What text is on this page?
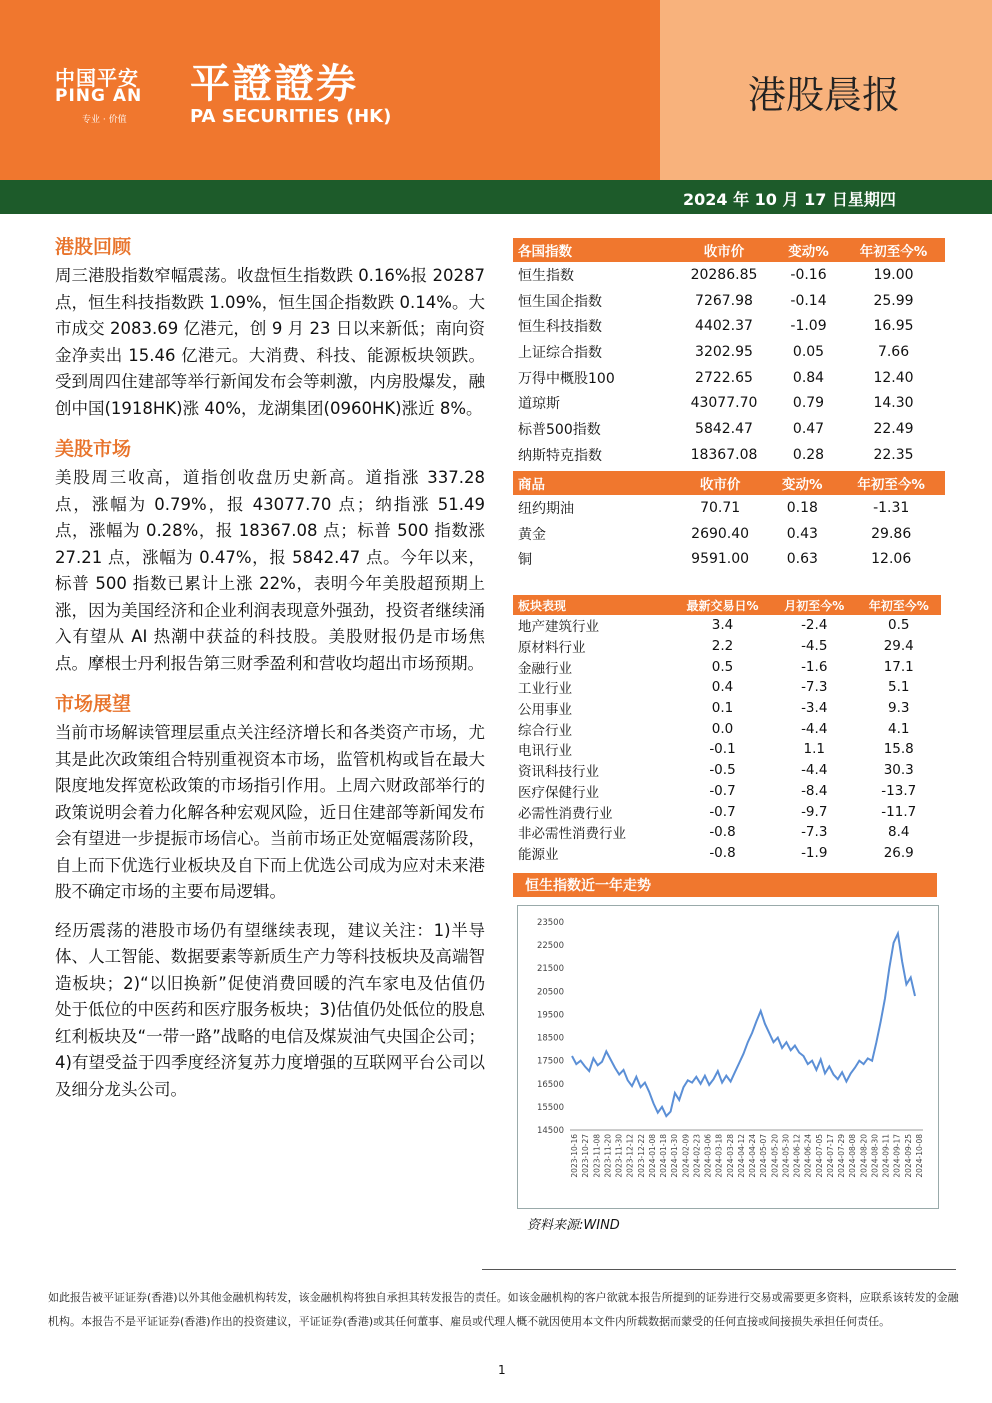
中国平安
PING AN
专业 · 价值
平證證券
PA SECURITIES (HK)	港股晨报
2024 年 10 月 17 日星期四
港股回顾

周三港股指数窄幅震荡。收盘恒生指数跌 0.16%报 20287 点，恒生科技指数跌 1.09%，恒生国企指数跌 0.14%。大市成交 2083.69 亿港元，创 9 月 23 日以来新低；南向资金净卖出 15.46 亿港元。大消费、科技、能源板块领跌。受到周四住建部等举行新闻发布会等刺激，内房股爆发，融创中国(1918HK)涨 40%，龙湖集团(0960HK)涨近 8%。

美股市场

美股周三收高，道指创收盘历史新高。道指涨 337.28 点，涨幅为 0.79%，报 43077.70 点；纳指涨 51.49 点，涨幅为 0.28%，报 18367.08 点；标普 500 指数涨 27.21 点，涨幅为 0.47%，报 5842.47 点。今年以来，标普 500 指数已累计上涨 22%，表明今年美股超预期上涨，因为美国经济和企业利润表现意外强劲，投资者继续涌入有望从 AI 热潮中获益的科技股。美股财报仍是市场焦点。摩根士丹利报告第三财季盈利和营收均超出市场预期。

市场展望

当前市场解读管理层重点关注经济增长和各类资产市场，尤其是此次政策组合特别重视资本市场，监管机构或旨在最大限度地发挥宽松政策的市场指引作用。上周六财政部举行的政策说明会着力化解各种宏观风险，近日住建部等新闻发布会有望进一步提振市场信心。当前市场正处宽幅震荡阶段，自上而下优选行业板块及自下而上优选公司成为应对未来港股不确定市场的主要布局逻辑。

经历震荡的港股市场仍有望继续表现，建议关注：1)半导体、人工智能、数据要素等新质生产力等科技板块及高端智造板块；2)“以旧换新”促使消费回暖的汽车家电及估值仍处于低位的中医药和医疗服务板块；3)估值仍处低位的股息红利板块及“一带一路”战略的电信及煤炭油气央国企公司；4)有望受益于四季度经济复苏力度增强的互联网平台公司以及细分龙头公司。

各国指数	收市价	变动%	年初至今%
恒生指数	20286.85	-0.16	19.00
恒生国企指数	7267.98	-0.14	25.99
恒生科技指数	4402.37	-1.09	16.95
上证综合指数	3202.95	0.05	7.66
万得中概股100	2722.65	0.84	12.40
道琼斯	43077.70	0.79	14.30
标普500指数	5842.47	0.47	22.49
纳斯特克指数	18367.08	0.28	22.35
商品	收市价	变动%	年初至今%
纽约期油	70.71	0.18	-1.31
黄金	2690.40	0.43	29.86
铜	9591.00	0.63	12.06
板块表现	最新交易日%	月初至今%	年初至今%
地产建筑行业	3.4	-2.4	0.5
原材料行业	2.2	-4.5	29.4
金融行业	0.5	-1.6	17.1
工业行业	0.4	-7.3	5.1
公用事业	0.1	-3.4	9.3
综合行业	0.0	-4.4	4.1
电讯行业	-0.1	1.1	15.8
资讯科技行业	-0.5	-4.4	30.3
医疗保健行业	-0.7	-8.4	-13.7
必需性消费行业	-0.7	-9.7	-11.7
非必需性消费行业	-0.8	-7.3	8.4
能源业	-0.8	-1.9	26.9
恒生指数近一年走势
23500
22500
21500
20500
19500
18500
17500
16500
15500
14500
2023-10-16 2023-10-27 2023-11-08 2023-11-20 2023-11-30 2023-12-12 2023-12-22 2024-01-08 2024-01-18 2024-01-30 2024-02-09 2024-02-23 2024-03-06 2024-03-18 2024-03-28 2024-04-12 2024-04-24 2024-05-07 2024-05-20 2024-05-30 2024-06-12 2024-06-24 2024-07-05 2024-07-17 2024-07-29 2024-08-08 2024-08-20 2024-08-30 2024-09-11 2024-09-17 2024-09-25 2024-10-08
资料来源:WIND
如此报告被平证证券(香港)以外其他金融机构转发，该金融机构将独自承担其转发报告的责任。如该金融机构的客户欲就本报告所提到的证券进行交易或需要更多资料，应联系该转发的金融机构。本报告不是平证证券(香港)作出的投资建议，平证证券(香港)或其任何董事、雇员或代理人概不就因使用本文件内所载数据而蒙受的任何直接或间接损失承担任何责任。
1
